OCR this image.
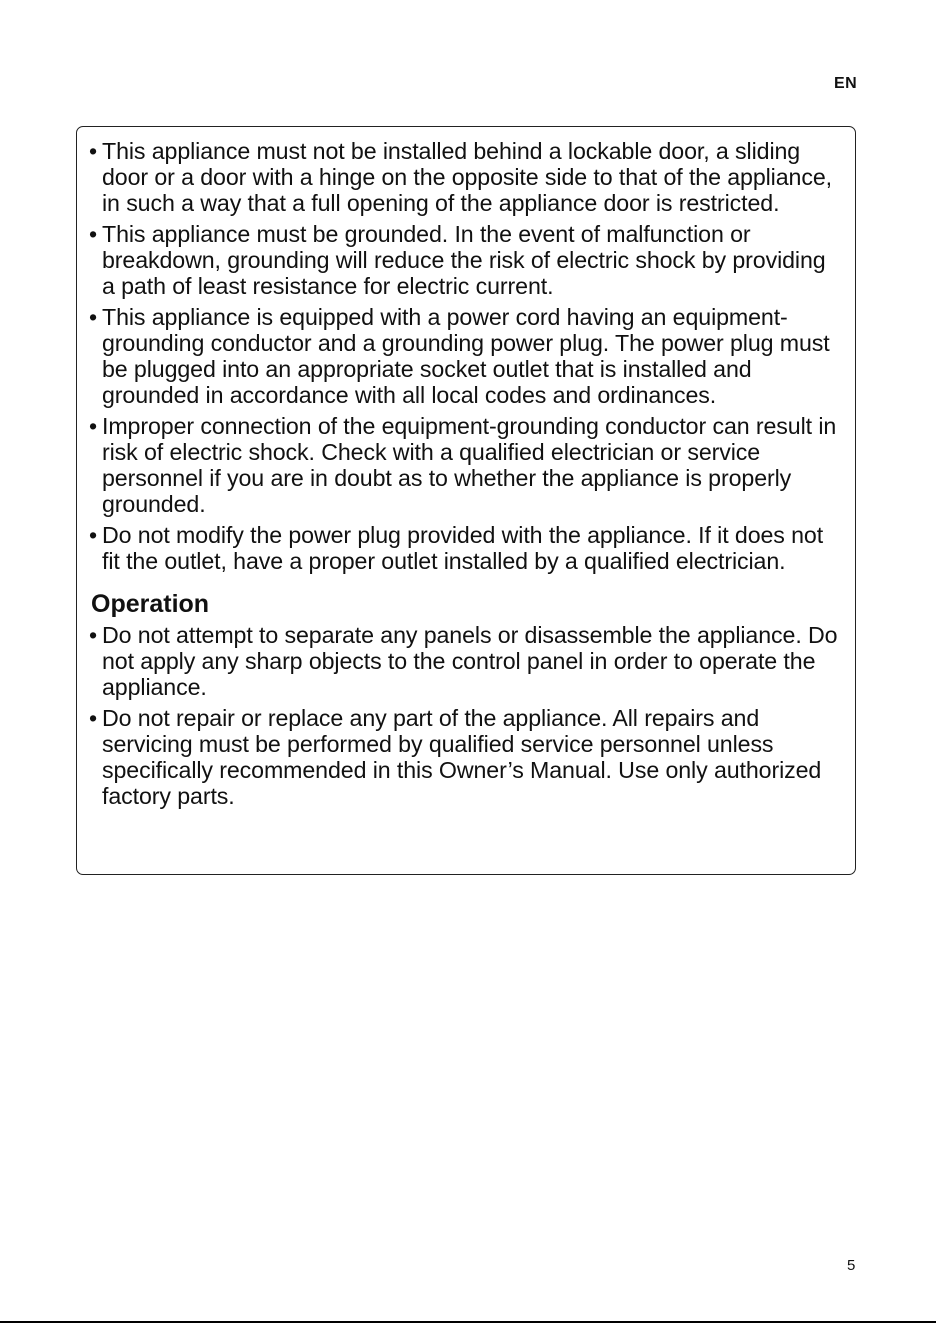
EN
• This appliance must not be installed behind a lockable door, a sliding door or a door with a hinge on the opposite side to that of the appliance, in such a way that a full opening of the appliance door is restricted.
• This appliance must be grounded. In the event of malfunction or breakdown, grounding will reduce the risk of electric shock by providing a path of least resistance for electric current.
• This appliance is equipped with a power cord having an equipment-grounding conductor and a grounding power plug. The power plug must be plugged into an appropriate socket outlet that is installed and grounded in accordance with all local codes and ordinances.
• Improper connection of the equipment-grounding conductor can result in risk of electric shock. Check with a qualified electrician or service personnel if you are in doubt as to whether the appliance is properly grounded.
• Do not modify the power plug provided with the appliance. If it does not fit the outlet, have a proper outlet installed by a qualified electrician.
Operation
• Do not attempt to separate any panels or disassemble the appliance. Do not apply any sharp objects to the control panel in order to operate the appliance.
• Do not repair or replace any part of the appliance. All repairs and servicing must be performed by qualified service personnel unless specifically recommended in this Owner’s Manual. Use only authorized factory parts.
5
